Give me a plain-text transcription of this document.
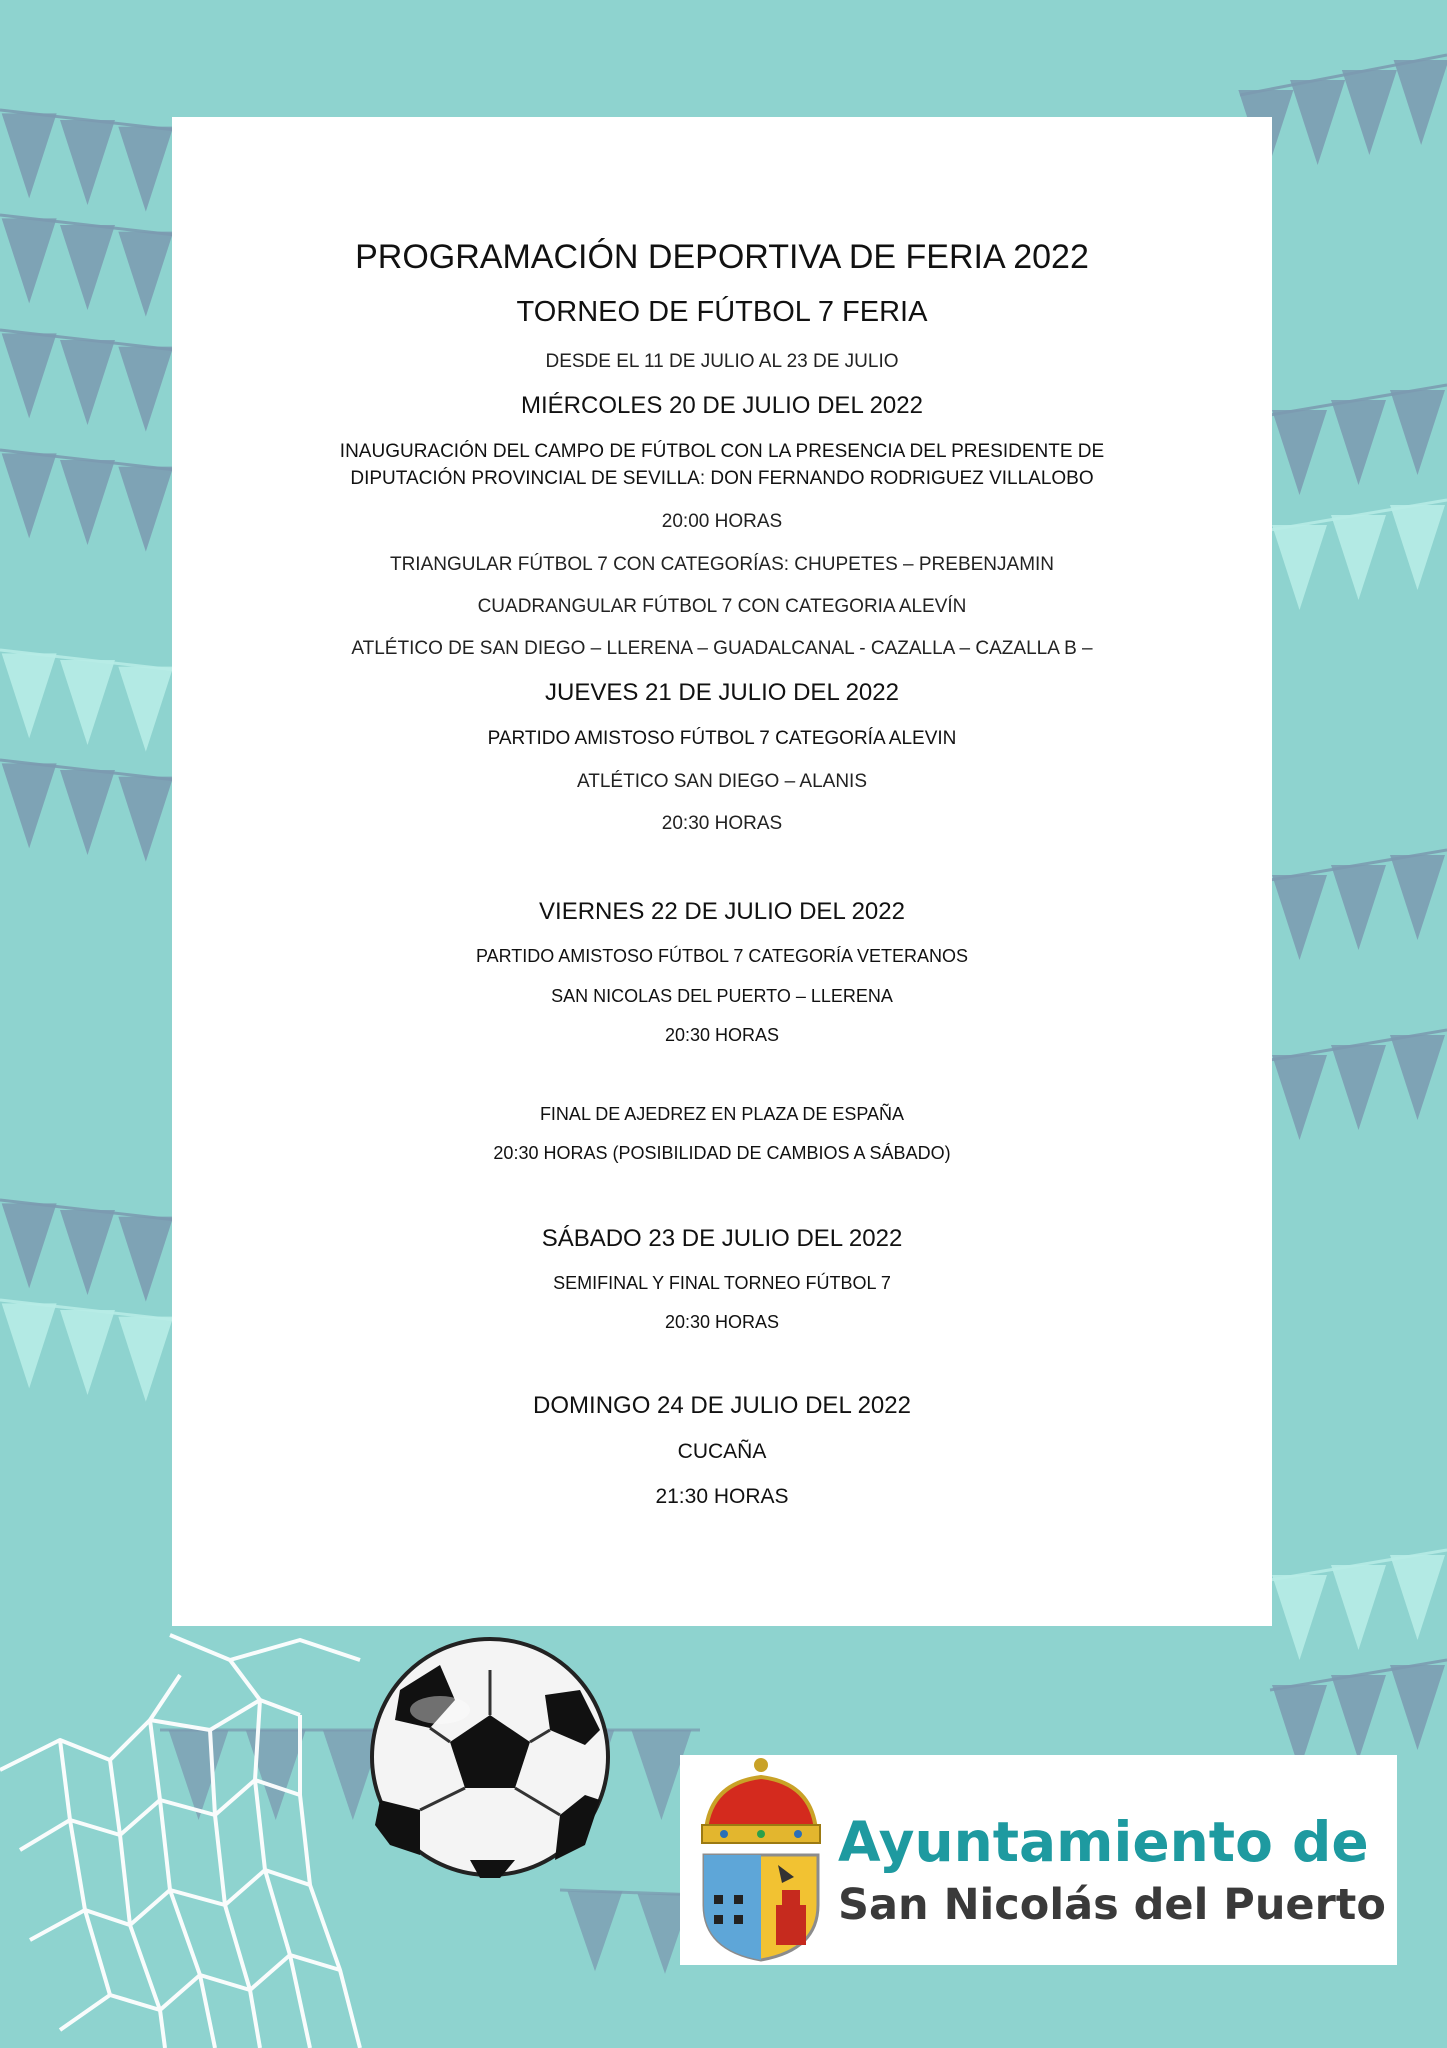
PROGRAMACIÓN DEPORTIVA DE FERIA 2022
TORNEO DE FÚTBOL 7 FERIA
DESDE EL 11 DE JULIO AL 23 DE JULIO
MIÉRCOLES 20 DE JULIO DEL 2022
INAUGURACIÓN DEL CAMPO DE FÚTBOL CON LA PRESENCIA DEL PRESIDENTE DE
DIPUTACIÓN PROVINCIAL DE SEVILLA: DON FERNANDO RODRIGUEZ VILLALOBO
20:00 HORAS
TRIANGULAR FÚTBOL 7 CON CATEGORÍAS: CHUPETES – PREBENJAMIN
CUADRANGULAR FÚTBOL 7 CON CATEGORIA ALEVÍN
ATLÉTICO DE SAN DIEGO – LLERENA – GUADALCANAL - CAZALLA – CAZALLA B –
JUEVES 21 DE JULIO DEL 2022
PARTIDO AMISTOSO FÚTBOL 7 CATEGORÍA ALEVIN
ATLÉTICO SAN DIEGO – ALANIS
20:30 HORAS
VIERNES 22 DE JULIO DEL 2022
PARTIDO AMISTOSO FÚTBOL 7 CATEGORÍA VETERANOS
SAN NICOLAS DEL PUERTO – LLERENA
20:30 HORAS
FINAL DE AJEDREZ EN PLAZA DE ESPAÑA
20:30 HORAS (POSIBILIDAD DE CAMBIOS A SÁBADO)
SÁBADO 23 DE JULIO DEL 2022
SEMIFINAL Y FINAL TORNEO FÚTBOL 7
20:30 HORAS
DOMINGO 24 DE JULIO DEL 2022
CUCAÑA
21:30 HORAS
Ayuntamiento de
San Nicolás del Puerto
